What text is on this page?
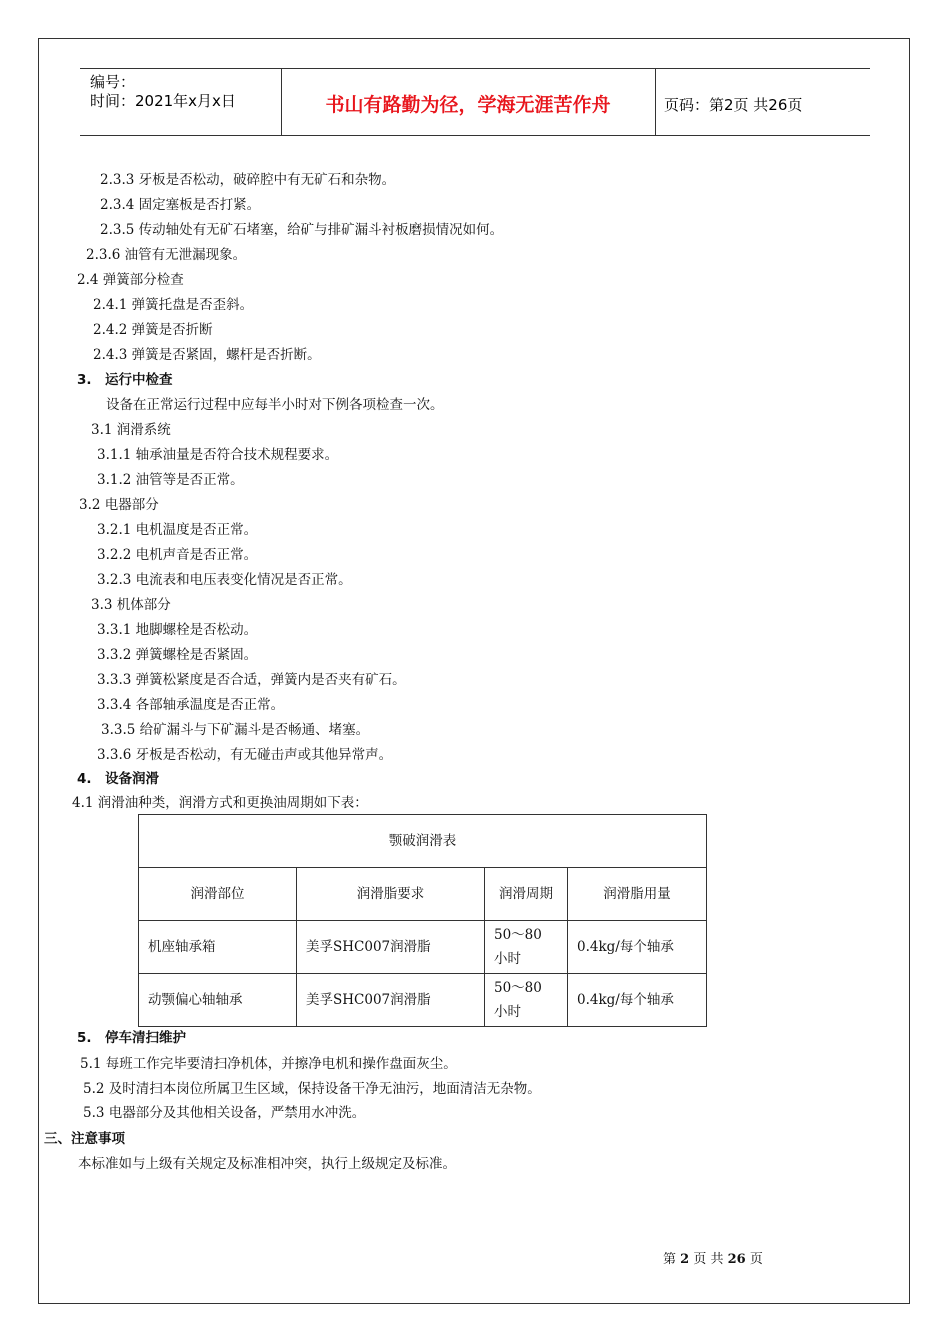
编号：
时间：2021年x月x日	书山有路勤为径，学海无涯苦作舟	页码：第2页 共26页
2.3.3 牙板是否松动，破碎腔中有无矿石和杂物。
2.3.4 固定塞板是否打紧。
2.3.5 传动轴处有无矿石堵塞，给矿与排矿漏斗衬板磨损情况如何。
2.3.6 油管有无泄漏现象。
2.4 弹簧部分检查
2.4.1 弹簧托盘是否歪斜。
2.4.2 弹簧是否折断
2.4.3 弹簧是否紧固，螺杆是否折断。
3. 运行中检查
设备在正常运行过程中应每半小时对下例各项检查一次。
3.1 润滑系统
3.1.1 轴承油量是否符合技术规程要求。
3.1.2 油管等是否正常。
3.2 电器部分
3.2.1 电机温度是否正常。
3.2.2 电机声音是否正常。
3.2.3 电流表和电压表变化情况是否正常。
3.3 机体部分
3.3.1 地脚螺栓是否松动。
3.3.2 弹簧螺栓是否紧固。
3.3.3 弹簧松紧度是否合适，弹簧内是否夹有矿石。
3.3.4 各部轴承温度是否正常。
3.3.5 给矿漏斗与下矿漏斗是否畅通、堵塞。
3.3.6 牙板是否松动，有无碰击声或其他异常声。
4. 设备润滑
4.1 润滑油种类，润滑方式和更换油周期如下表：
颚破润滑表			
润滑部位	润滑脂要求	润滑周期	润滑脂用量
机座轴承箱	美孚SHC007润滑脂	50～80小时	0.4kg/每个轴承
动颚偏心轴轴承	美孚SHC007润滑脂	50～80小时	0.4kg/每个轴承
5. 停车清扫维护
5.1 每班工作完毕要清扫净机体，并擦净电机和操作盘面灰尘。
5.2 及时清扫本岗位所属卫生区域，保持设备干净无油污，地面清洁无杂物。
5.3 电器部分及其他相关设备，严禁用水冲洗。
三、注意事项
本标准如与上级有关规定及标准相冲突，执行上级规定及标准。
第 2 页 共 26 页
